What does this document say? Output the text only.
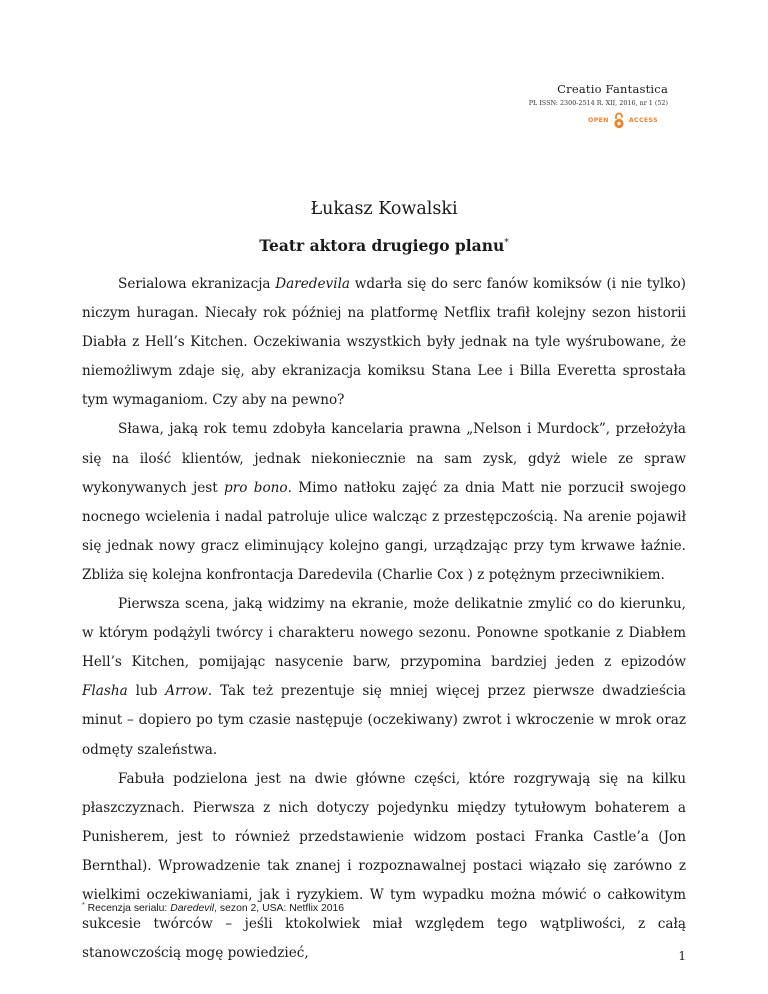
Creatio Fantastica
PL ISSN: 2300-2514 R. XII, 2016, nr 1 (52)
OPEN	ACCESS
Łukasz Kowalski
Teatr aktora drugiego planu*

Serialowa ekranizacja Daredevila wdarła się do serc fanów komiksów (i nie tylko) niczym huragan. Niecały rok później na platformę Netflix trafił kolejny sezon historii Diabła z Hell’s Kitchen. Oczekiwania wszystkich były jednak na tyle wyśrubowane, że niemożliwym zdaje się, aby ekranizacja komiksu Stana Lee i Billa Everetta sprostała tym wymaganiom. Czy aby na pewno?

Sława, jaką rok temu zdobyła kancelaria prawna „Nelson i Murdock”, przełożyła się na ilość klientów, jednak niekoniecznie na sam zysk, gdyż wiele ze spraw wykonywanych jest pro bono. Mimo natłoku zajęć za dnia Matt nie porzucił swojego nocnego wcielenia i nadal patroluje ulice walcząc z przestępczością. Na arenie pojawił się jednak nowy gracz eliminujący kolejno gangi, urządzając przy tym krwawe łaźnie. Zbliża się kolejna konfrontacja Daredevila (Charlie Cox ) z potężnym przeciwnikiem.

Pierwsza scena, jaką widzimy na ekranie, może delikatnie zmylić co do kierunku, w którym podążyli twórcy i charakteru nowego sezonu. Ponowne spotkanie z Diabłem Hell’s Kitchen, pomijając nasycenie barw, przypomina bardziej jeden z epizodów Flasha lub Arrow. Tak też prezentuje się mniej więcej przez pierwsze dwadzieścia minut – dopiero po tym czasie następuje (oczekiwany) zwrot i wkroczenie w mrok oraz odmęty szaleństwa.

Fabuła podzielona jest na dwie główne części, które rozgrywają się na kilku płaszczyznach. Pierwsza z nich dotyczy pojedynku między tytułowym bohaterem a Punisherem, jest to również przedstawienie widzom postaci Franka Castle’a (Jon Bernthal). Wprowadzenie tak znanej i rozpoznawalnej postaci wiązało się zarówno z wielkimi oczekiwaniami, jak i ryzykiem. W tym wypadku można mówić o całkowitym sukcesie twórców – jeśli ktokolwiek miał względem tego wątpliwości, z całą stanowczością mogę powiedzieć,

* Recenzja serialu: Daredevil, sezon 2, USA: Netflix 2016
1
